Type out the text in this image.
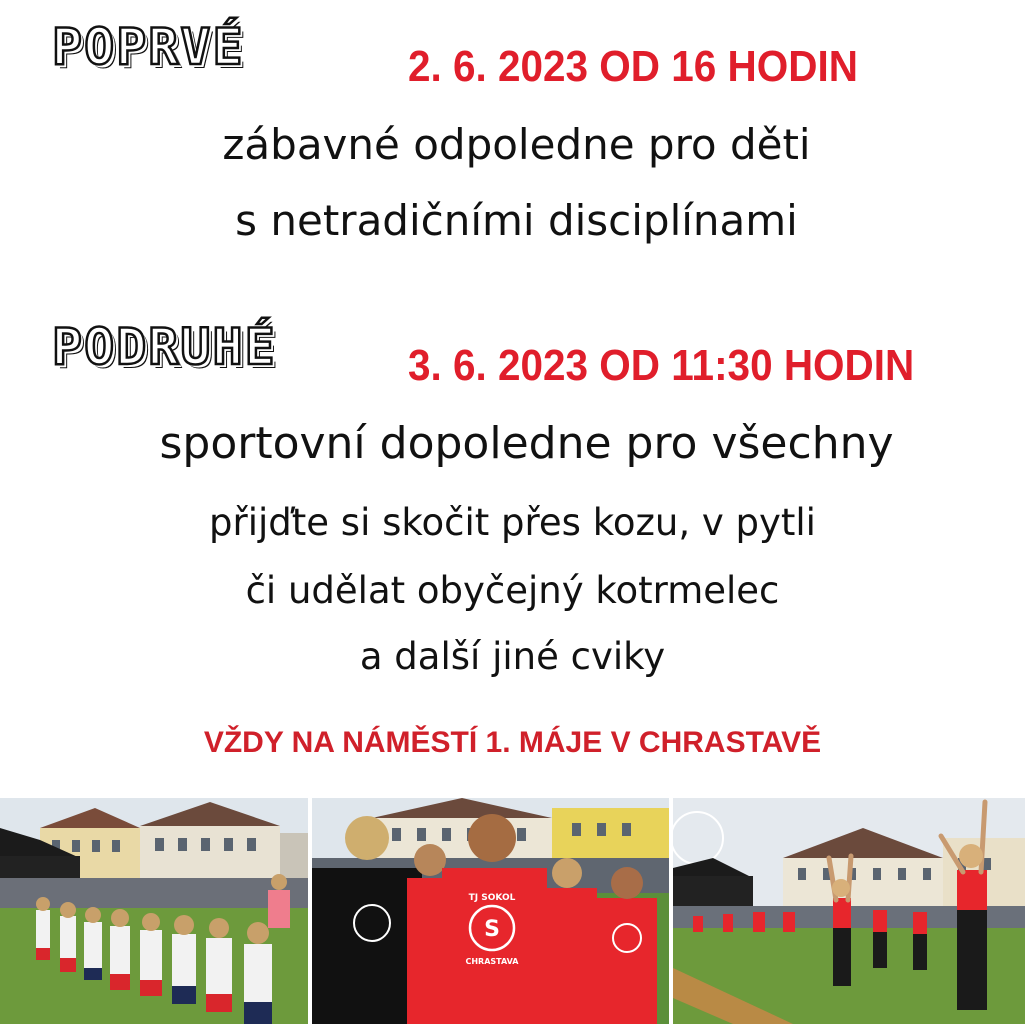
POPRVÉ	2. 6. 2023 OD 16 HODIN
zábavné odpoledne pro děti
s netradičními disciplínami
PODRUHÉ	3. 6. 2023 OD 11:30 HODIN
sportovní dopoledne pro všechny
přijďte si skočit přes kozu, v pytli
či udělat obyčejný kotrmelec
a další jiné cviky
VŽDY NA NÁMĚSTÍ 1. MÁJE V CHRASTAVĚ
TJ SOKOL
S
CHRASTAVA
